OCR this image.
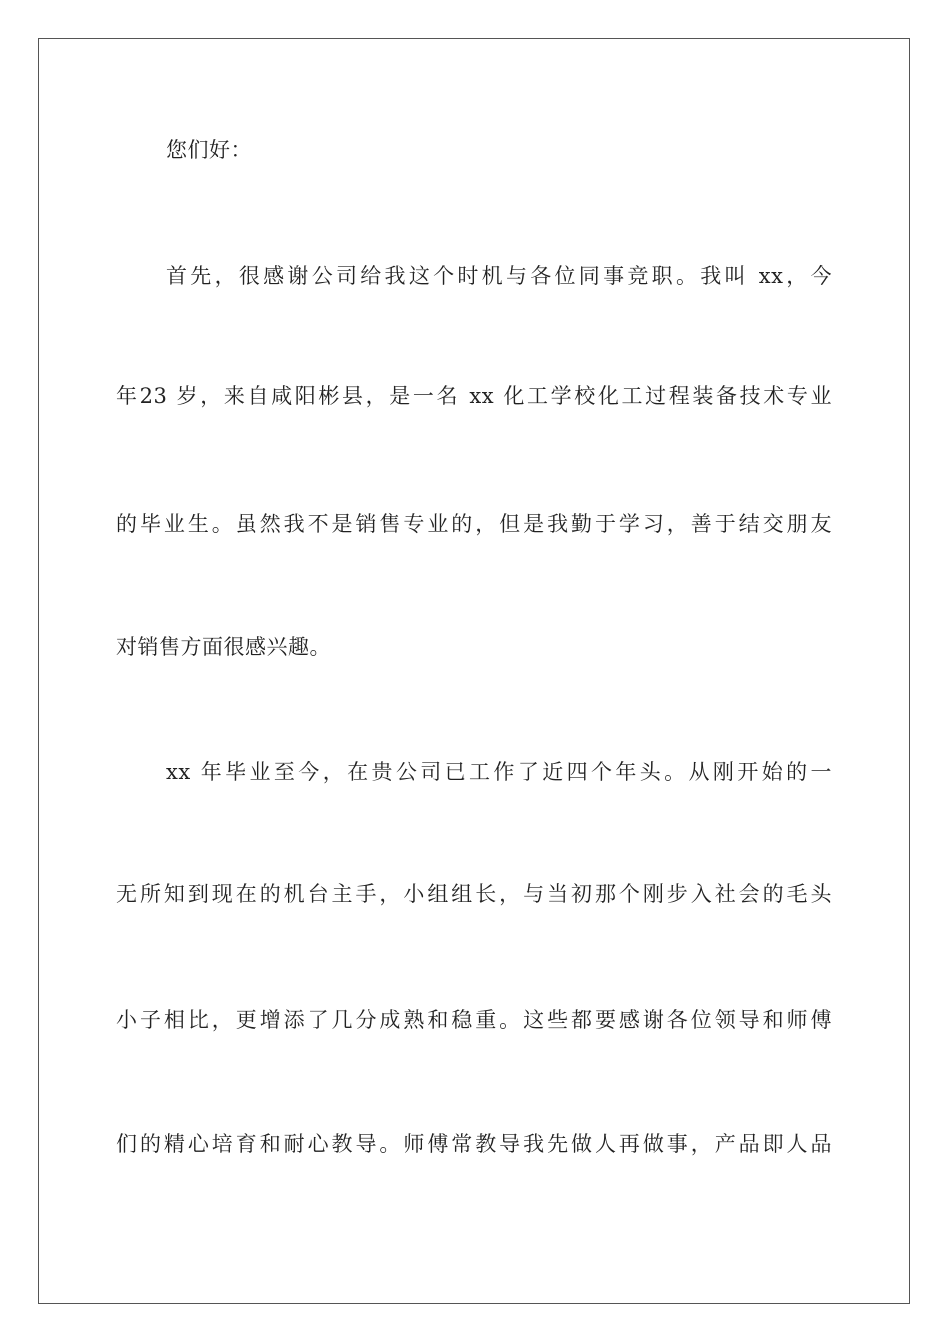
您们好：
首先，很感谢公司给我这个时机与各位同事竞职。我叫 xx，今
年23 岁，来自咸阳彬县，是一名 xx 化工学校化工过程装备技术专业
的毕业生。虽然我不是销售专业的，但是我勤于学习，善于结交朋友
对销售方面很感兴趣。
xx 年毕业至今，在贵公司已工作了近四个年头。从刚开始的一
无所知到现在的机台主手，小组组长，与当初那个刚步入社会的毛头
小子相比，更增添了几分成熟和稳重。这些都要感谢各位领导和师傅
们的精心培育和耐心教导。师傅常教导我先做人再做事，产品即人品
